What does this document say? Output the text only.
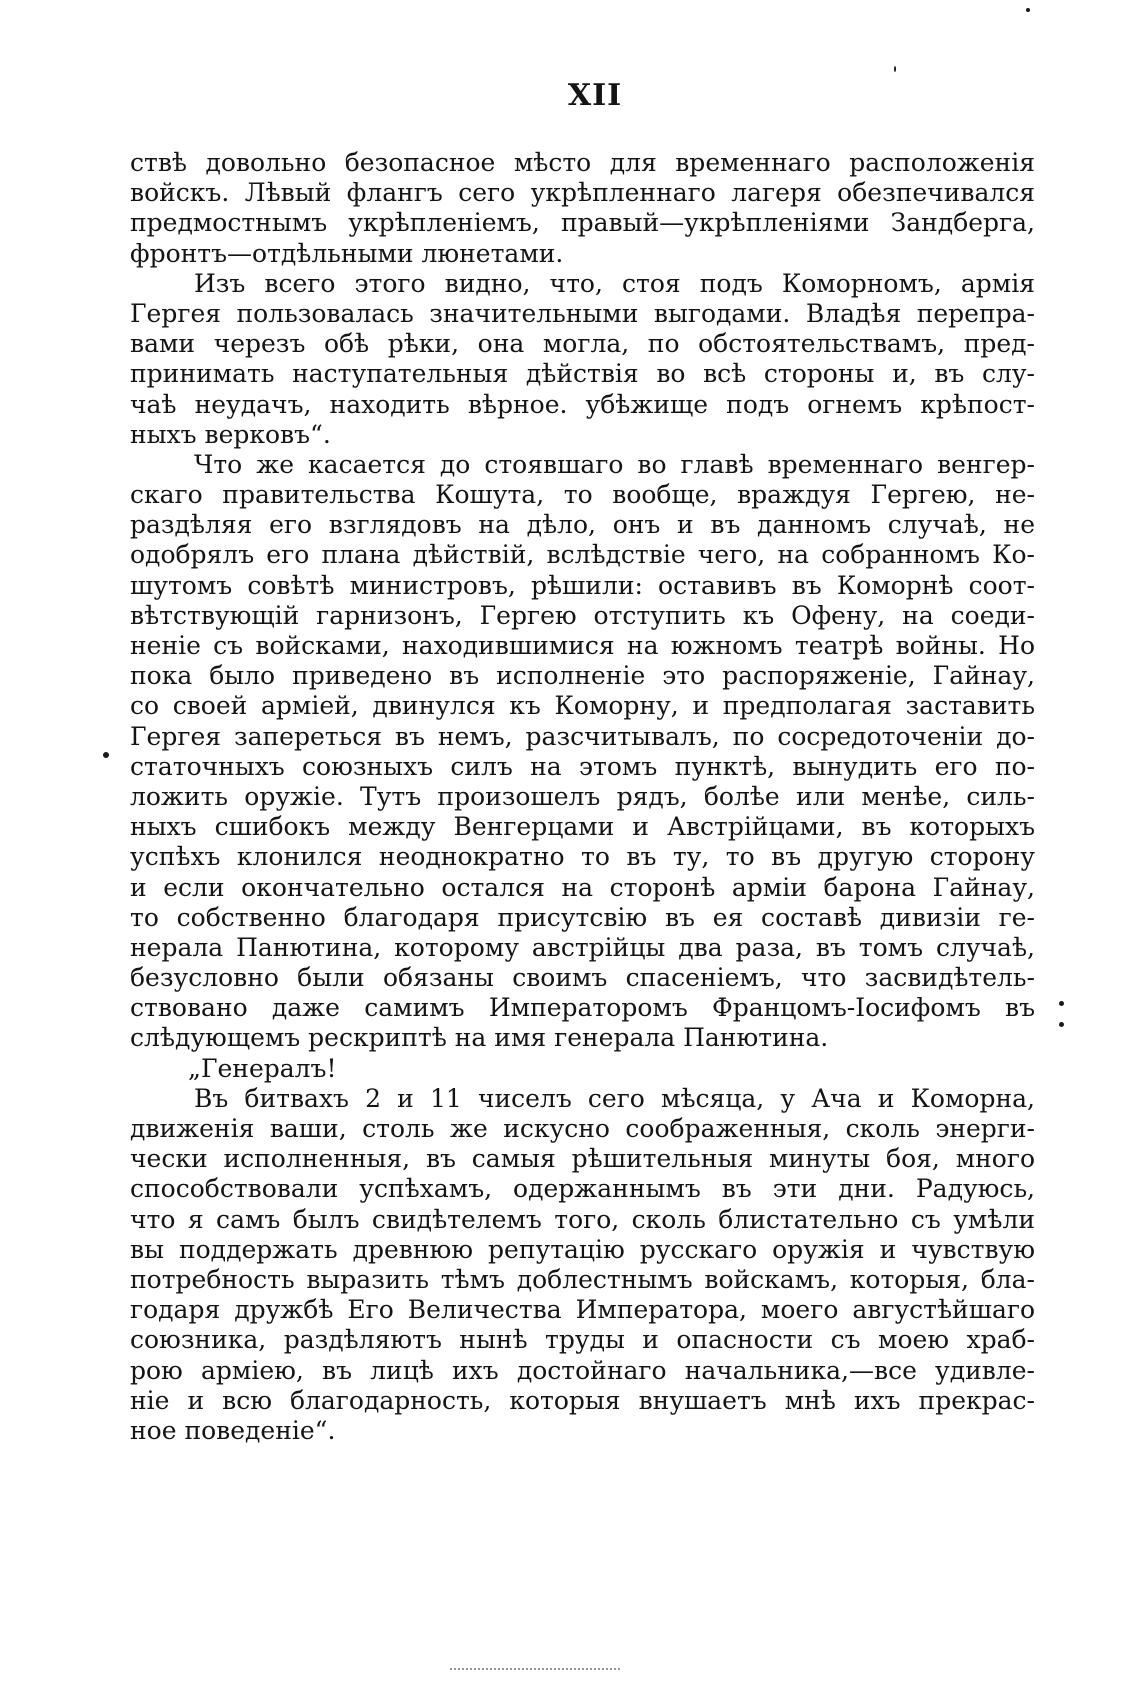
XII
ствѣ довольно безопасное мѣсто для временнаго расположенія
войскъ. Лѣвый флангъ сего укрѣпленнаго лагеря обезпечивался
предмостнымъ укрѣпленіемъ, правый—укрѣпленіями Зандберга,
фронтъ—отдѣльными люнетами.
Изъ всего этого видно, что, стоя подъ Коморномъ, армія
Гергея пользовалась значительными выгодами. Владѣя перепра-
вами черезъ обѣ рѣки, она могла, по обстоятельствамъ, пред-
принимать наступательныя дѣйствія во всѣ стороны и, въ слу-
чаѣ неудачъ, находить вѣрное. убѣжище подъ огнемъ крѣпост-
ныхъ верковъ“.
Что же касается до стоявшаго во главѣ временнаго венгер-
скаго правительства Кошута, то вообще, враждуя Гергею, не-
раздѣляя его взглядовъ на дѣло, онъ и въ данномъ случаѣ, не
одобрялъ его плана дѣйствій, вслѣдствіе чего, на собранномъ Ко-
шутомъ совѣтѣ министровъ, рѣшили: оставивъ въ Коморнѣ соот-
вѣтствующій гарнизонъ, Гергею отступить къ Офену, на соеди-
неніе съ войсками, находившимися на южномъ театрѣ войны. Но
пока было приведено въ исполненіе это распоряженіе, Гайнау,
со своей арміей, двинулся къ Коморну, и предполагая заставить
Гергея запереться въ немъ, разсчитывалъ, по сосредоточеніи до-
статочныхъ союзныхъ силъ на этомъ пунктѣ, вынудить его по-
ложить оружіе. Тутъ произошелъ рядъ, болѣе или менѣе, силь-
ныхъ сшибокъ между Венгерцами и Австрійцами, въ которыхъ
успѣхъ клонился неоднократно то въ ту, то въ другую сторону
и если окончательно остался на сторонѣ арміи барона Гайнау,
то собственно благодаря присутсвію въ ея составѣ дивизіи ге-
нерала Панютина, которому австрійцы два раза, въ томъ случаѣ,
безусловно были обязаны своимъ спасеніемъ, что засвидѣтель-
ствовано даже самимъ Императоромъ Францомъ-Іосифомъ въ
слѣдующемъ рескриптѣ на имя генерала Панютина.
„Генералъ!
Въ битвахъ 2 и 11 чиселъ сего мѣсяца, у Ача и Коморна,
движенія ваши, столь же искусно соображенныя, сколь энерги-
чески исполненныя, въ самыя рѣшительныя минуты боя, много
способствовали успѣхамъ, одержаннымъ въ эти дни. Радуюсь,
что я самъ былъ свидѣтелемъ того, сколь блистательно съ умѣли
вы поддержать древнюю репутацію русскаго оружія и чувствую
потребность выразить тѣмъ доблестнымъ войскамъ, которыя, бла-
годаря дружбѣ Его Величества Императора, моего августѣйшаго
союзника, раздѣляютъ нынѣ труды и опасности съ моею храб-
рою арміею, въ лицѣ ихъ достойнаго начальника,—все удивле-
ніе и всю благодарность, которыя внушаетъ мнѣ ихъ прекрас-
ное поведеніе“.
